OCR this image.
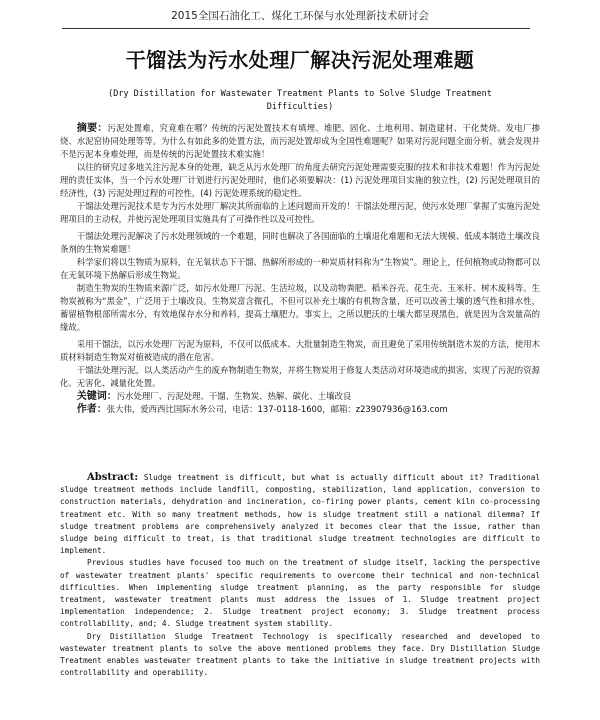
2015全国石油化工、煤化工环保与水处理新技术研讨会
干馏法为污水处理厂解决污泥处理难题
(Dry Distillation for Wastewater Treatment Plants to Solve Sludge Treatment Difficulties)

摘要：污泥处置难，究竟难在哪？传统的污泥处置技术有填埋、堆肥、固化、土地利用、制造建材、干化焚烧、发电厂掺烧、水泥窑协同处理等等。为什么有如此多的处置方法，而污泥处置却成为全国性难题呢？如果对污泥问题全面分析，就会发现并不是污泥本身难处理，而是传统的污泥处置技术难实施！

以往的研究过多地关注污泥本身的处理，缺乏从污水处理厂的角度去研究污泥处理需要克服的技术和非技术难题！作为污泥处理的责任实体，当一个污水处理厂计划进行污泥处理时，他们必须要解决：(1) 污泥处理项目实施的独立性，(2) 污泥处理项目的经济性，(3) 污泥处理过程的可控性，(4) 污泥处理系统的稳定性。

干馏法处理污泥技术是专为污水处理厂解决其所面临的上述问题而开发的！干馏法处理污泥，使污水处理厂掌握了实施污泥处理项目的主动权，并使污泥处理项目实施具有了可操作性以及可控性。

干馏法处理污泥解决了污水处理领域的一个难题，同时也解决了各国面临的土壤退化难题和无法大规模、低成本制造土壤改良条剂的生物炭难题！

科学家们将以生物质为原料，在无氧状态下干馏、热解所形成的一种炭质材料称为“生物炭”。理论上，任何植物或动物都可以在无氧环境下热解后形成生物炭。

制造生物炭的生物质来源广泛，如污水处理厂污泥、生活垃圾，以及动物粪肥、稻米谷壳、花生壳、玉米秆、树木废料等。生物炭被称为“黑金”，广泛用于土壤改良。生物炭富含微孔，不但可以补充土壤的有机物含量，还可以改善土壤的透气性和排水性，蓄留植物根部所需水分，有效地保存水分和养料，提高土壤肥力。事实上，之所以肥沃的土壤大都呈现黑色，就是因为含炭量高的缘故。

采用干馏法，以污水处理厂污泥为原料，不仅可以低成本、大批量制造生物炭，而且避免了采用传统制造木炭的方法，使用木质材料制造生物炭对植被造成的潜在危害。

干馏法处理污泥，以人类活动产生的废弃物制造生物炭，并将生物炭用于修复人类活动对环境造成的损害，实现了污泥的资源化、无害化、减量化处置。

关键词：污水处理厂、污泥处理、干馏、生物炭、热解、碳化、土壤改良

作者：张大伟，爱西西比国际水务公司，电话：137-0118-1600，邮箱：z23907936@163.com

Abstract: Sludge treatment is difficult, but what is actually difficult about it? Traditional sludge treatment methods include landfill, composting, stabilization, land application, conversion to construction materials, dehydration and incineration, co-firing power plants, cement kiln co-processing treatment etc. With so many treatment methods, how is sludge treatment still a national dilemma? If sludge treatment problems are comprehensively analyzed it becomes clear that the issue, rather than sludge being difficult to treat, is that traditional sludge treatment technologies are difficult to implement.

Previous studies have focused too much on the treatment of sludge itself, lacking the perspective of wastewater treatment plants' specific requirements to overcome their technical and non-technical difficulties. When implementing sludge treatment planning, as the party responsible for sludge treatment, wastewater treatment plants must address the issues of 1. Sludge treatment project implementation independence; 2. Sludge treatment project economy; 3. Sludge treatment process controllability, and; 4. Sludge treatment system stability.

Dry Distillation Sludge Treatment Technology is specifically researched and developed to wastewater treatment plants to solve the above mentioned problems they face. Dry Distillation Sludge Treatment enables wastewater treatment plants to take the initiative in sludge treatment projects with controllability and operability.
